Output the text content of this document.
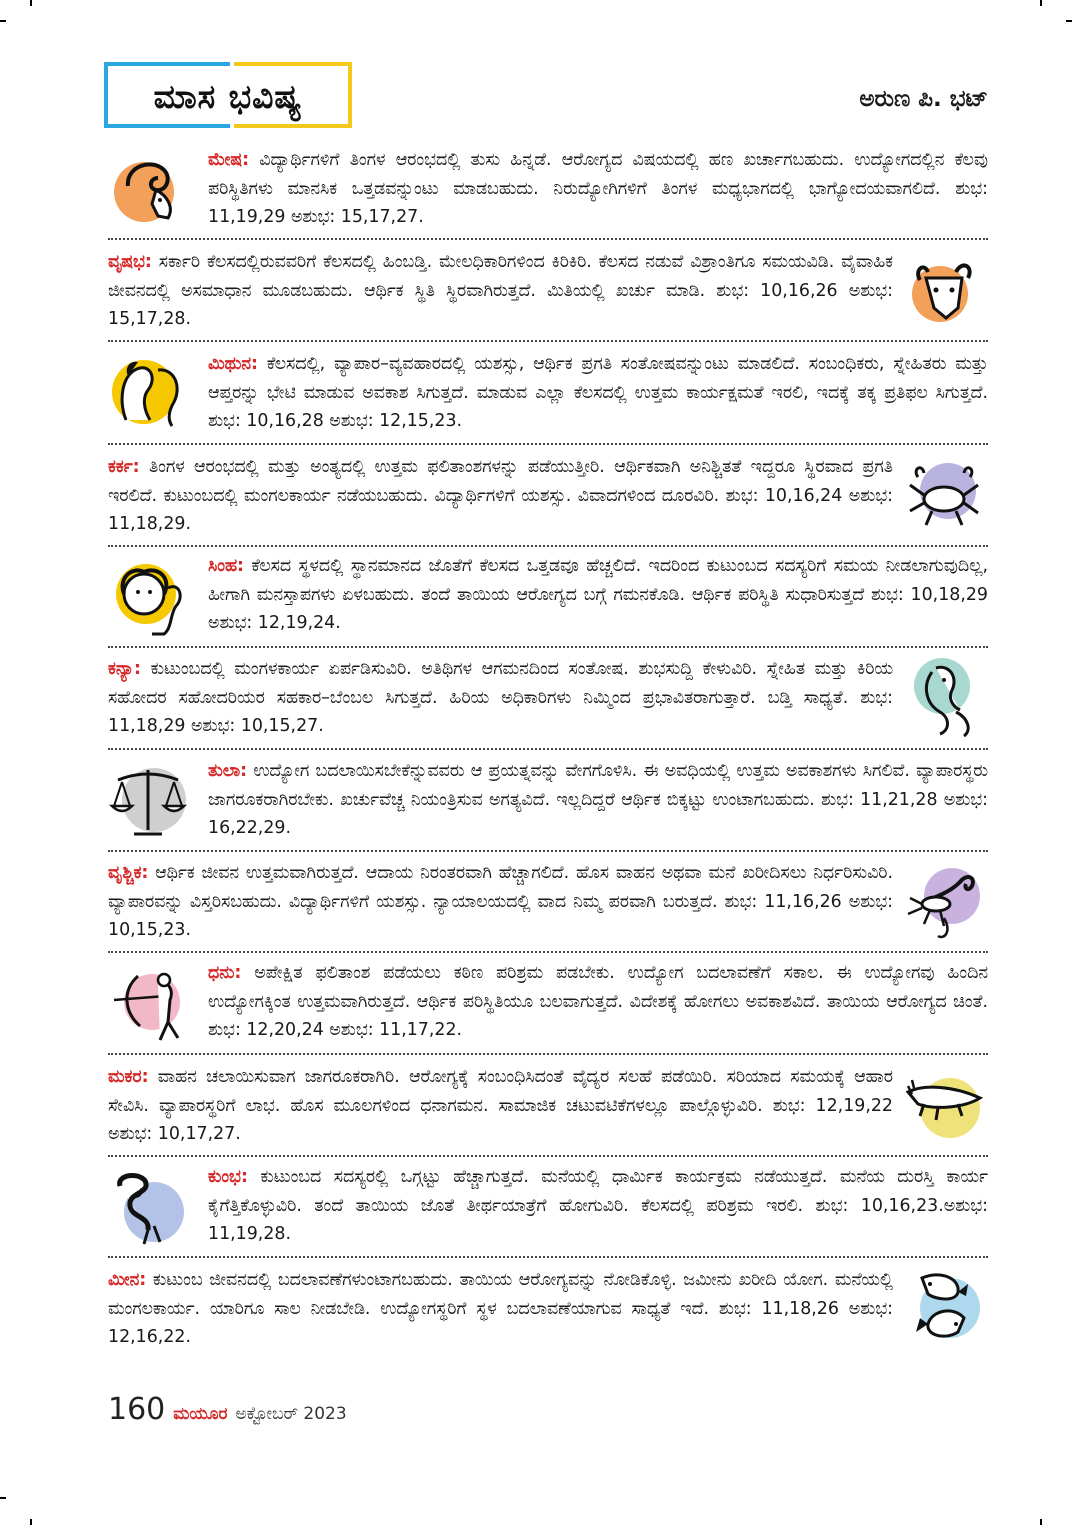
ಮಾಸ ಭವಿಷ್ಯ	ಅರುಣ ಪಿ. ಭಟ್

ಮೇಷ: ವಿದ್ಯಾರ್ಥಿಗಳಿಗೆ ತಿಂಗಳ ಆರಂಭದಲ್ಲಿ ತುಸು ಹಿನ್ನಡೆ. ಆರೋಗ್ಯದ ವಿಷಯದಲ್ಲಿ ಹಣ ಖರ್ಚಾಗಬಹುದು. ಉದ್ಯೋಗದಲ್ಲಿನ ಕೆಲವು ಪರಿಸ್ಥಿತಿಗಳು ಮಾನಸಿಕ ಒತ್ತಡವನ್ನುಂಟು ಮಾಡಬಹುದು. ನಿರುದ್ಯೋಗಿಗಳಿಗೆ ತಿಂಗಳ ಮಧ್ಯಭಾಗದಲ್ಲಿ ಭಾಗ್ಯೋದಯವಾಗಲಿದೆ. ಶುಭ: 11,19,29 ಅಶುಭ: 15,17,27.

ವೃಷಭ: ಸರ್ಕಾರಿ ಕೆಲಸದಲ್ಲಿರುವವರಿಗೆ ಕೆಲಸದಲ್ಲಿ ಹಿಂಬಡ್ತಿ. ಮೇಲಧಿಕಾರಿಗಳಿಂದ ಕಿರಿಕಿರಿ. ಕೆಲಸದ ನಡುವೆ ವಿಶ್ರಾಂತಿಗೂ ಸಮಯವಿಡಿ. ವೈವಾಹಿಕ ಜೀವನದಲ್ಲಿ ಅಸಮಾಧಾನ ಮೂಡಬಹುದು. ಆರ್ಥಿಕ ಸ್ಥಿತಿ ಸ್ಥಿರವಾಗಿರುತ್ತದೆ. ಮಿತಿಯಲ್ಲಿ ಖರ್ಚು ಮಾಡಿ. ಶುಭ: 10,16,26 ಅಶುಭ: 15,17,28.

ಮಿಥುನ: ಕೆಲಸದಲ್ಲಿ, ವ್ಯಾಪಾರ–ವ್ಯವಹಾರದಲ್ಲಿ ಯಶಸ್ಸು, ಆರ್ಥಿಕ ಪ್ರಗತಿ ಸಂತೋಷವನ್ನುಂಟು ಮಾಡಲಿದೆ. ಸಂಬಂಧಿಕರು, ಸ್ನೇಹಿತರು ಮತ್ತು ಆಪ್ತರನ್ನು ಭೇಟಿ ಮಾಡುವ ಅವಕಾಶ ಸಿಗುತ್ತದೆ. ಮಾಡುವ ಎಲ್ಲಾ ಕೆಲಸದಲ್ಲಿ ಉತ್ತಮ ಕಾರ್ಯಕ್ಷಮತೆ ಇರಲಿ, ಇದಕ್ಕೆ ತಕ್ಕ ಪ್ರತಿಫಲ ಸಿಗುತ್ತದೆ. ಶುಭ: 10,16,28 ಅಶುಭ: 12,15,23.

ಕರ್ಕ: ತಿಂಗಳ ಆರಂಭದಲ್ಲಿ ಮತ್ತು ಅಂತ್ಯದಲ್ಲಿ ಉತ್ತಮ ಫಲಿತಾಂಶಗಳನ್ನು ಪಡೆಯುತ್ತೀರಿ. ಆರ್ಥಿಕವಾಗಿ ಅನಿಶ್ಚಿತತೆ ಇದ್ದರೂ ಸ್ಥಿರವಾದ ಪ್ರಗತಿ ಇರಲಿದೆ. ಕುಟುಂಬದಲ್ಲಿ ಮಂಗಲಕಾರ್ಯ ನಡೆಯಬಹುದು. ವಿದ್ಯಾರ್ಥಿಗಳಿಗೆ ಯಶಸ್ಸು. ವಿವಾದಗಳಿಂದ ದೂರವಿರಿ. ಶುಭ: 10,16,24 ಅಶುಭ: 11,18,29.

ಸಿಂಹ: ಕೆಲಸದ ಸ್ಥಳದಲ್ಲಿ ಸ್ಥಾನಮಾನದ ಜೊತೆಗೆ ಕೆಲಸದ ಒತ್ತಡವೂ ಹೆಚ್ಚಲಿದೆ. ಇದರಿಂದ ಕುಟುಂಬದ ಸದಸ್ಯರಿಗೆ ಸಮಯ ನೀಡಲಾಗುವುದಿಲ್ಲ, ಹೀಗಾಗಿ ಮನಸ್ತಾಪಗಳು ಏಳಬಹುದು. ತಂದೆ ತಾಯಿಯ ಆರೋಗ್ಯದ ಬಗ್ಗೆ ಗಮನಕೊಡಿ. ಆರ್ಥಿಕ ಪರಿಸ್ಥಿತಿ ಸುಧಾರಿಸುತ್ತದೆ ಶುಭ: 10,18,29 ಅಶುಭ: 12,19,24.

ಕನ್ಯಾ: ಕುಟುಂಬದಲ್ಲಿ ಮಂಗಳಕಾರ್ಯ ಏರ್ಪಡಿಸುವಿರಿ. ಅತಿಥಿಗಳ ಆಗಮನದಿಂದ ಸಂತೋಷ. ಶುಭಸುದ್ದಿ ಕೇಳುವಿರಿ. ಸ್ನೇಹಿತ ಮತ್ತು ಕಿರಿಯ ಸಹೋದರ ಸಹೋದರಿಯರ ಸಹಕಾರ–ಬೆಂಬಲ ಸಿಗುತ್ತದೆ. ಹಿರಿಯ ಅಧಿಕಾರಿಗಳು ನಿಮ್ಮಿಂದ ಪ್ರಭಾವಿತರಾಗುತ್ತಾರೆ. ಬಡ್ತಿ ಸಾಧ್ಯತೆ. ಶುಭ: 11,18,29 ಅಶುಭ: 10,15,27.

ತುಲಾ: ಉದ್ಯೋಗ ಬದಲಾಯಿಸಬೇಕೆನ್ನುವವರು ಆ ಪ್ರಯತ್ನವನ್ನು ವೇಗಗೊಳಿಸಿ. ಈ ಅವಧಿಯಲ್ಲಿ ಉತ್ತಮ ಅವಕಾಶಗಳು ಸಿಗಲಿವೆ. ವ್ಯಾಪಾರಸ್ಥರು ಜಾಗರೂಕರಾಗಿರಬೇಕು. ಖರ್ಚುವೆಚ್ಚ ನಿಯಂತ್ರಿಸುವ ಅಗತ್ಯವಿದೆ. ಇಲ್ಲದಿದ್ದರೆ ಆರ್ಥಿಕ ಬಿಕ್ಕಟ್ಟು ಉಂಟಾಗಬಹುದು. ಶುಭ: 11,21,28 ಅಶುಭ: 16,22,29.

ವೃಶ್ಚಿಕ: ಆರ್ಥಿಕ ಜೀವನ ಉತ್ತಮವಾಗಿರುತ್ತದೆ. ಆದಾಯ ನಿರಂತರವಾಗಿ ಹೆಚ್ಚಾಗಲಿದೆ. ಹೊಸ ವಾಹನ ಅಥವಾ ಮನೆ ಖರೀದಿಸಲು ನಿರ್ಧರಿಸುವಿರಿ. ವ್ಯಾಪಾರವನ್ನು ವಿಸ್ತರಿಸಬಹುದು. ವಿದ್ಯಾರ್ಥಿಗಳಿಗೆ ಯಶಸ್ಸು. ನ್ಯಾಯಾಲಯದಲ್ಲಿ ವಾದ ನಿಮ್ಮ ಪರವಾಗಿ ಬರುತ್ತದೆ. ಶುಭ: 11,16,26 ಅಶುಭ: 10,15,23.

ಧನು: ಅಪೇಕ್ಷಿತ ಫಲಿತಾಂಶ ಪಡೆಯಲು ಕಠಿಣ ಪರಿಶ್ರಮ ಪಡಬೇಕು. ಉದ್ಯೋಗ ಬದಲಾವಣೆಗೆ ಸಕಾಲ. ಈ ಉದ್ಯೋಗವು ಹಿಂದಿನ ಉದ್ಯೋಗಕ್ಕಿಂತ ಉತ್ತಮವಾಗಿರುತ್ತದೆ. ಆರ್ಥಿಕ ಪರಿಸ್ಥಿತಿಯೂ ಬಲವಾಗುತ್ತದೆ. ವಿದೇಶಕ್ಕೆ ಹೋಗಲು ಅವಕಾಶವಿದೆ. ತಾಯಿಯ ಆರೋಗ್ಯದ ಚಿಂತೆ. ಶುಭ: 12,20,24 ಅಶುಭ: 11,17,22.

ಮಕರ: ವಾಹನ ಚಲಾಯಿಸುವಾಗ ಜಾಗರೂಕರಾಗಿರಿ. ಆರೋಗ್ಯಕ್ಕೆ ಸಂಬಂಧಿಸಿದಂತೆ ವೈದ್ಯರ ಸಲಹೆ ಪಡೆಯಿರಿ. ಸರಿಯಾದ ಸಮಯಕ್ಕೆ ಆಹಾರ ಸೇವಿಸಿ. ವ್ಯಾಪಾರಸ್ಥರಿಗೆ ಲಾಭ. ಹೊಸ ಮೂಲಗಳಿಂದ ಧನಾಗಮನ. ಸಾಮಾಜಿಕ ಚಟುವಟಿಕೆಗಳಲ್ಲೂ ಪಾಲ್ಗೊಳ್ಳುವಿರಿ. ಶುಭ: 12,19,22 ಅಶುಭ: 10,17,27.

ಕುಂಭ: ಕುಟುಂಬದ ಸದಸ್ಯರಲ್ಲಿ ಒಗ್ಗಟ್ಟು ಹೆಚ್ಚಾಗುತ್ತದೆ. ಮನೆಯಲ್ಲಿ ಧಾರ್ಮಿಕ ಕಾರ್ಯಕ್ರಮ ನಡೆಯುತ್ತದೆ. ಮನೆಯ ದುರಸ್ತಿ ಕಾರ್ಯ ಕೈಗೆತ್ತಿಕೊಳ್ಳುವಿರಿ. ತಂದೆ ತಾಯಿಯ ಜೊತೆ ತೀರ್ಥಯಾತ್ರೆಗೆ ಹೋಗುವಿರಿ. ಕೆಲಸದಲ್ಲಿ ಪರಿಶ್ರಮ ಇರಲಿ. ಶುಭ: 10,16,23.ಅಶುಭ: 11,19,28.

ಮೀನ: ಕುಟುಂಬ ಜೀವನದಲ್ಲಿ ಬದಲಾವಣೆಗಳುಂಟಾಗಬಹುದು. ತಾಯಿಯ ಆರೋಗ್ಯವನ್ನು ನೋಡಿಕೊಳ್ಳಿ. ಜಮೀನು ಖರೀದಿ ಯೋಗ. ಮನೆಯಲ್ಲಿ ಮಂಗಲಕಾರ್ಯ. ಯಾರಿಗೂ ಸಾಲ ನೀಡಬೇಡಿ. ಉದ್ಯೋಗಸ್ಥರಿಗೆ ಸ್ಥಳ ಬದಲಾವಣೆಯಾಗುವ ಸಾಧ್ಯತೆ ಇದೆ. ಶುಭ: 11,18,26 ಅಶುಭ: 12,16,22.

160 ಮಯೂರ ಅಕ್ಟೋಬರ್ 2023
